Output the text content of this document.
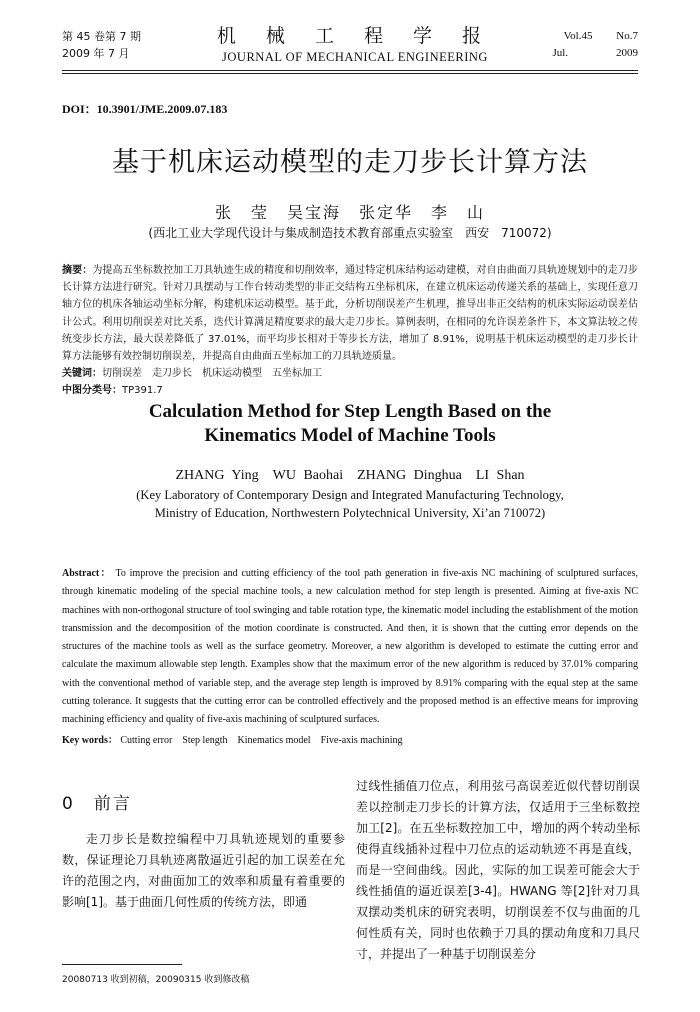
第 45 卷第 7 期
2009 年 7 月
机 械 工 程 学 报
JOURNAL OF MECHANICAL ENGINEERING
Vol.45 No.7
Jul.	2009
DOI：10.3901/JME.2009.07.183
基于机床运动模型的走刀步长计算方法
张　莹　吴宝海　张定华　李　山
(西北工业大学现代设计与集成制造技术教育部重点实验室　西安　710072)
摘要：为提高五坐标数控加工刀具轨迹生成的精度和切削效率，通过特定机床结构运动建模，对自由曲面刀具轨迹规划中的走刀步长计算方法进行研究。针对刀具摆动与工作台转动类型的非正交结构五坐标机床，在建立机床运动传递关系的基础上，实现任意刀轴方位的机床各轴运动坐标分解，构建机床运动模型。基于此，分析切削误差产生机理，推导出非正交结构的机床实际运动误差估计公式。利用切削误差对比关系，迭代计算满足精度要求的最大走刀步长。算例表明，在相同的允许误差条件下，本文算法较之传统变步长方法，最大误差降低了 37.01%，而平均步长相对于等步长方法，增加了 8.91%，说明基于机床运动模型的走刀步长计算方法能够有效控制切削误差，并提高自由曲面五坐标加工的刀具轨迹质量。
关键词：切削误差　走刀步长　机床运动模型　五坐标加工
中图分类号：TP391.7
Calculation Method for Step Length Based on the Kinematics Model of Machine Tools
ZHANG Ying　WU Baohai　ZHANG Dinghua　LI Shan
(Key Laboratory of Contemporary Design and Integrated Manufacturing Technology,
Ministry of Education, Northwestern Polytechnical University, Xi’an 710072)
Abstract： To improve the precision and cutting efficiency of the tool path generation in five-axis NC machining of sculptured surfaces, through kinematic modeling of the special machine tools, a new calculation method for step length is presented. Aiming at five-axis NC machines with non-orthogonal structure of tool swinging and table rotation type, the kinematic model including the establishment of the motion transmission and the decomposition of the motion coordinate is constructed. And then, it is shown that the cutting error depends on the structures of the machine tools as well as the surface geometry. Moreover, a new algorithm is developed to estimate the cutting error and calculate the maximum allowable step length. Examples show that the maximum error of the new algorithm is reduced by 37.01% comparing with the conventional method of variable step, and the average step length is improved by 8.91% comparing with the equal step at the same cutting tolerance. It suggests that the cutting error can be controlled effectively and the proposed method is an effective means for improving machining efficiency and quality of five-axis machining of sculptured surfaces.
Key words： Cutting error　Step length　Kinematics model　Five-axis machining
0　前言
走刀步长是数控编程中刀具轨迹规划的重要参数，保证理论刀具轨迹离散逼近引起的加工误差在允许的范围之内，对曲面加工的效率和质量有着重要的影响[1]。基于曲面几何性质的传统方法，即通
过线性插值刀位点，利用弦弓高误差近似代替切削误差以控制走刀步长的计算方法，仅适用于三坐标数控加工[2]。在五坐标数控加工中，增加的两个转动坐标使得直线插补过程中刀位点的运动轨迹不再是直线，而是一空间曲线。因此，实际的加工误差可能会大于线性插值的逼近误差[3-4]。HWANG 等[2]针对刀具双摆动类机床的研究表明，切削误差不仅与曲面的几何性质有关，同时也依赖于刀具的摆动角度和刀具尺寸，并提出了一种基于切削误差分
20080713 收到初稿，20090315 收到修改稿
